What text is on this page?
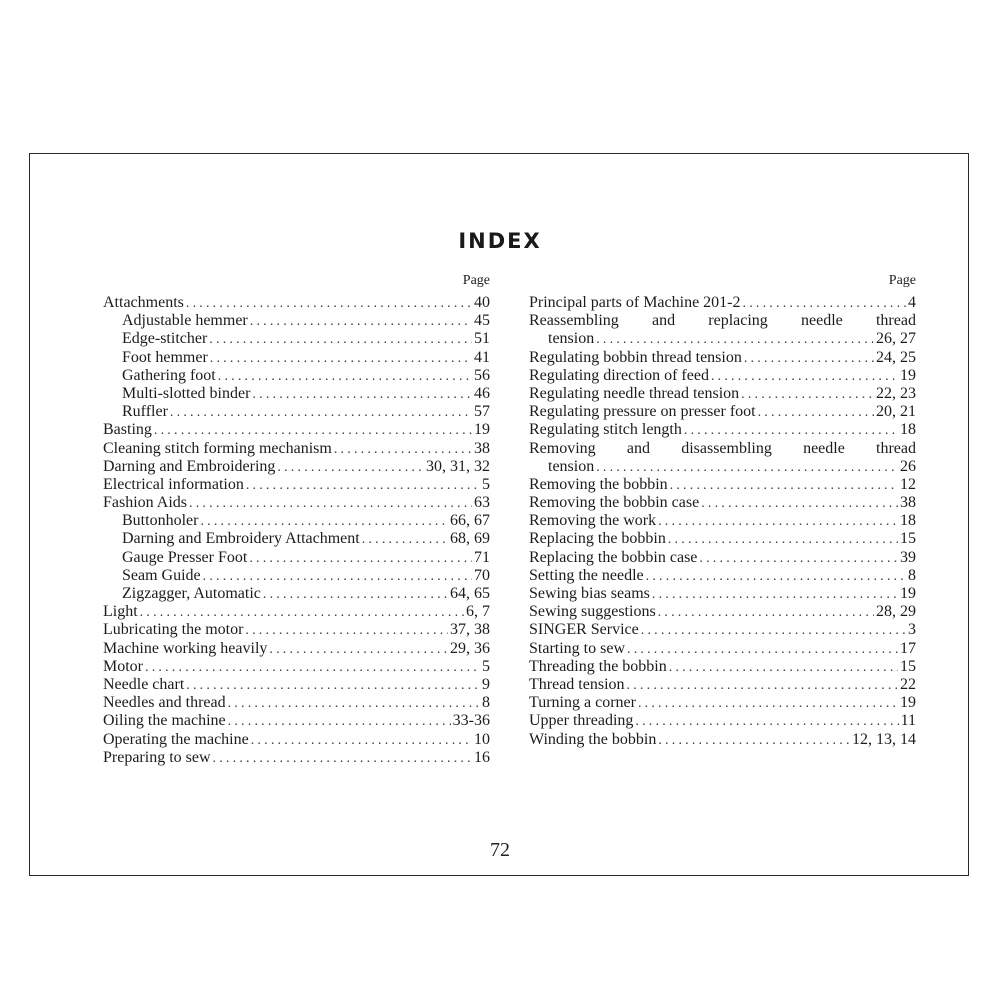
INDEX
Page
Attachments .....	40
Adjustable hemmer .....	45
Edge-stitcher .....	51
Foot hemmer .....	41
Gathering foot .....	56
Multi-slotted binder .....	46
Ruffler .....	57
Basting .....	19
Cleaning stitch forming mechanism .....	38
Darning and Embroidering .....	30, 31, 32
Electrical information .....	5
Fashion Aids .....	63
Buttonholer .....	66, 67
Darning and Embroidery Attachment .....	68, 69
Gauge Presser Foot .....	71
Seam Guide .....	70
Zigzagger, Automatic .....	64, 65
Light .....	6, 7
Lubricating the motor .....	37, 38
Machine working heavily .....	29, 36
Motor .....	5
Needle chart .....	9
Needles and thread .....	8
Oiling the machine .....	33-36
Operating the machine .....	10
Preparing to sew .....	16
Page
Principal parts of Machine 201-2 .....	4
Reassembling and replacing needle thread
tension .....	26, 27
Regulating bobbin thread tension .....	24, 25
Regulating direction of feed .....	19
Regulating needle thread tension .....	22, 23
Regulating pressure on presser foot .....	20, 21
Regulating stitch length .....	18
Removing and disassembling needle thread
tension .....	26
Removing the bobbin .....	12
Removing the bobbin case .....	38
Removing the work .....	18
Replacing the bobbin .....	15
Replacing the bobbin case .....	39
Setting the needle .....	8
Sewing bias seams .....	19
Sewing suggestions .....	28, 29
SINGER Service .....	3
Starting to sew .....	17
Threading the bobbin .....	15
Thread tension .....	22
Turning a corner .....	19
Upper threading .....	11
Winding the bobbin .....	12, 13, 14
72
